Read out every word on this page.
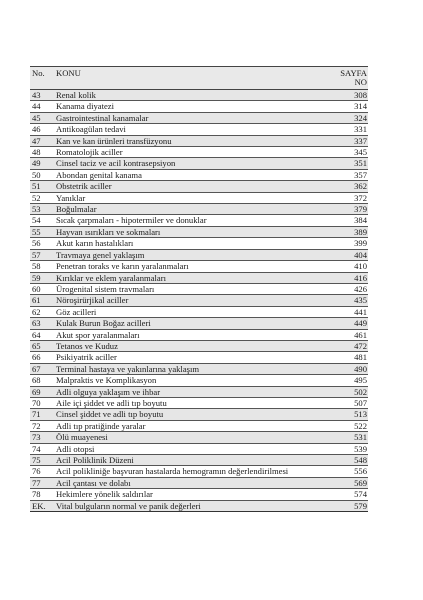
No.	KONU	SAYFA
NO

43	Renal kolik	308
44	Kanama diyatezi	314
45	Gastrointestinal kanamalar	324
46	Antikoagülan tedavi	331
47	Kan ve kan ürünleri transfüzyonu	337
48	Romatolojik aciller	345
49	Cinsel taciz ve acil kontrasepsiyon	351
50	Abondan genital kanama	357
51	Obstetrik aciller	362
52	Yanıklar	372
53	Boğulmalar	379
54	Sıcak çarpmaları - hipotermiler ve donuklar	384
55	Hayvan ısırıkları ve sokmaları	389
56	Akut karın hastalıkları	399
57	Travmaya genel yaklaşım	404
58	Penetran toraks ve karın yaralanmaları	410
59	Kırıklar ve eklem yaralanmaları	416
60	Ürogenital sistem travmaları	426
61	Nöroşirürjikal aciller	435
62	Göz acilleri	441
63	Kulak Burun Boğaz acilleri	449
64	Akut spor yaralanmaları	461
65	Tetanos ve Kuduz	472
66	Psikiyatrik aciller	481
67	Terminal hastaya ve yakınlarına yaklaşım	490
68	Malpraktis ve Komplikasyon	495
69	Adli olguya yaklaşım ve ihbar	502
70	Aile içi şiddet ve adli tıp boyutu	507
71	Cinsel şiddet ve adli tıp boyutu	513
72	Adli tıp pratiğinde yaralar	522
73	Ölü muayenesi	531
74	Adli otopsi	539
75	Acil Poliklinik Düzeni	548
76	Acil polikliniğe başvuran hastalarda hemogramın değerlendirilmesi	556
77	Acil çantası ve dolabı	569
78	Hekimlere yönelik saldırılar	574
EK.	Vital bulguların normal ve panik değerleri	579
